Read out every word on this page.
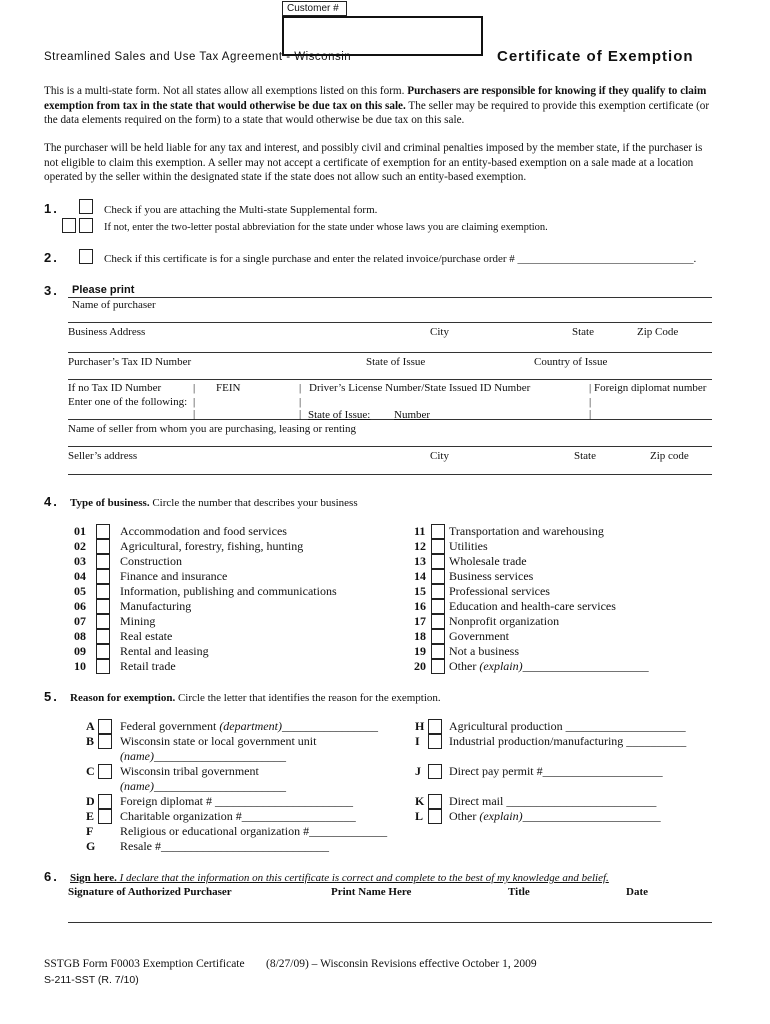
Customer #
Streamlined Sales and Use Tax Agreement - Wisconsin	Certificate of Exemption
This is a multi-state form. Not all states allow all exemptions listed on this form. Purchasers are responsible for knowing if they qualify to claim exemption from tax in the state that would otherwise be due tax on this sale. The seller may be required to provide this exemption certificate (or the data elements required on the form) to a state that would otherwise be due tax on this sale.
The purchaser will be held liable for any tax and interest, and possibly civil and criminal penalties imposed by the member state, if the purchaser is not eligible to claim this exemption. A seller may not accept a certificate of exemption for an entity-based exemption on a sale made at a location operated by the seller within the designated state if the state does not allow such an entity-based exemption.
1.	Check if you are attaching the Multi-state Supplemental form.
If not, enter the two-letter postal abbreviation for the state under whose laws you are claiming exemption.
2.	Check if this certificate is for a single purchase and enter the related invoice/purchase order # ________________________________.
3. Please print
Name of purchaser
Business Address	City	State	Zip Code
Purchaser’s Tax ID Number	State of Issue	Country of Issue
If no Tax ID Number	| FEIN	| Driver’s License Number/State Issued ID Number	| Foreign diplomat number
Enter one of the following: |	|	|
|	|	|
State of Issue: Number
Name of seller from whom you are purchasing, leasing or renting
Seller’s address	City	State	Zip code
4. Type of business. Circle the number that describes your business
01	Accommodation and food services
02	Agricultural, forestry, fishing, hunting
03	Construction
04	Finance and insurance
05	Information, publishing and communications
06	Manufacturing
07	Mining
08	Real estate
09	Rental and leasing
10	Retail trade
11 Transportation and warehousing
12 Utilities
13 Wholesale trade
14 Business services
15 Professional services
16 Education and health-care services
17 Nonprofit organization
18 Government
19 Not a business
20 Other (explain)_____________________
5. Reason for exemption. Circle the letter that identifies the reason for the exemption.
A Federal government (department)________________
B Wisconsin state or local government unit
(name)______________________
C Wisconsin tribal government
(name)______________________
D Foreign diplomat # _______________________
E Charitable organization #___________________
F Religious or educational organization #_____________
G Resale #____________________________
H Agricultural production ____________________
I Industrial production/manufacturing __________
J Direct pay permit #____________________
K Direct mail _________________________
L Other (explain)_______________________
6. Sign here. I declare that the information on this certificate is correct and complete to the best of my knowledge and belief.
Signature of Authorized Purchaser	Print Name Here	Title	Date
SSTGB Form F0003 Exemption Certificate (8/27/09) – Wisconsin Revisions effective October 1, 2009
S-211-SST (R. 7/10)
